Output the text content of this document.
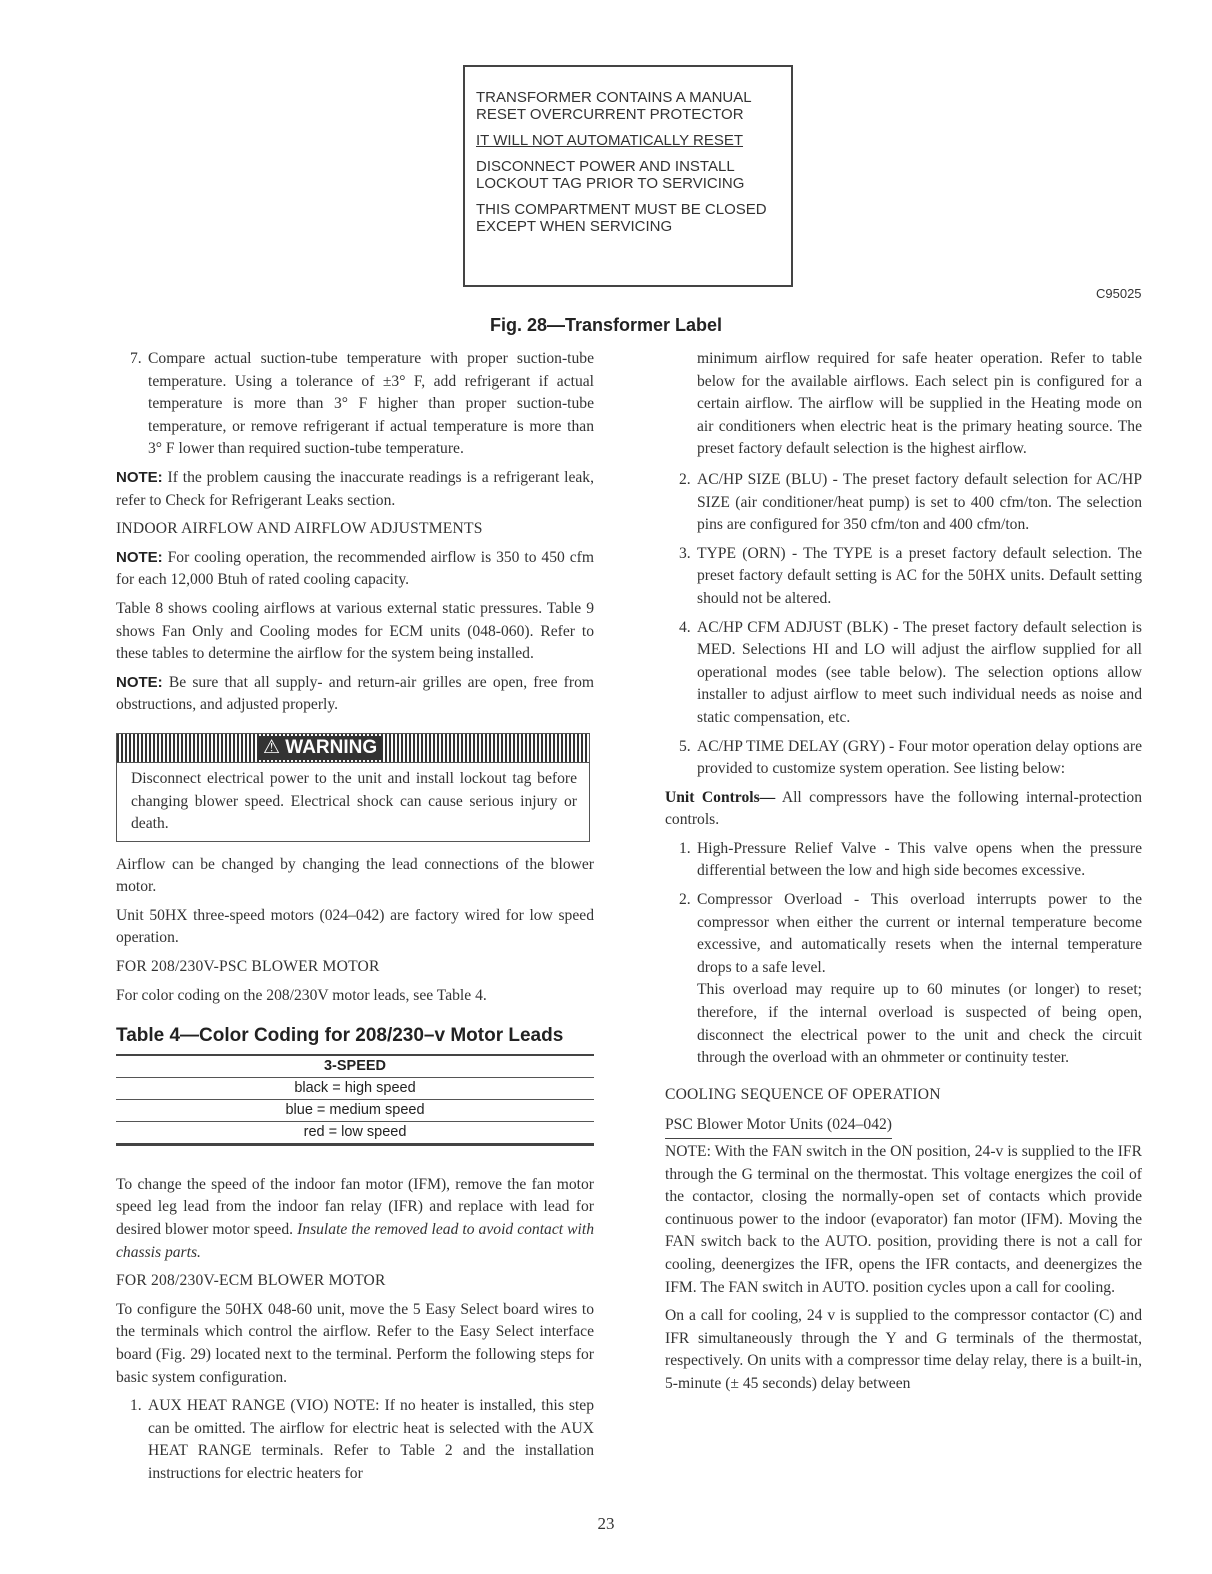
TRANSFORMER CONTAINS A MANUAL RESET OVERCURRENT PROTECTOR

IT WILL NOT AUTOMATICALLY RESET

DISCONNECT POWER AND INSTALL LOCKOUT TAG PRIOR TO SERVICING

THIS COMPARTMENT MUST BE CLOSED EXCEPT WHEN SERVICING

C95025
Fig. 28—Transformer Label
7. Compare actual suction-tube temperature with proper suction-tube temperature. Using a tolerance of ±3° F, add refrigerant if actual temperature is more than 3° F higher than proper suction-tube temperature, or remove refrigerant if actual temperature is more than 3° F lower than required suction-tube temperature.

NOTE: If the problem causing the inaccurate readings is a refrigerant leak, refer to Check for Refrigerant Leaks section.

INDOOR AIRFLOW AND AIRFLOW ADJUSTMENTS

NOTE: For cooling operation, the recommended airflow is 350 to 450 cfm for each 12,000 Btuh of rated cooling capacity.

Table 8 shows cooling airflows at various external static pressures. Table 9 shows Fan Only and Cooling modes for ECM units (048-060). Refer to these tables to determine the airflow for the system being installed.

NOTE: Be sure that all supply- and return-air grilles are open, free from obstructions, and adjusted properly.

⚠ WARNING
Disconnect electrical power to the unit and install lockout tag before changing blower speed. Electrical shock can cause serious injury or death.

Airflow can be changed by changing the lead connections of the blower motor.

Unit 50HX three-speed motors (024–042) are factory wired for low speed operation.

FOR 208/230V-PSC BLOWER MOTOR

For color coding on the 208/230V motor leads, see Table 4.

Table 4—Color Coding for 208/230–v Motor Leads
3-SPEED
black = high speed
blue = medium speed
red = low speed

To change the speed of the indoor fan motor (IFM), remove the fan motor speed leg lead from the indoor fan relay (IFR) and replace with lead for desired blower motor speed. Insulate the removed lead to avoid contact with chassis parts.

FOR 208/230V-ECM BLOWER MOTOR

To configure the 50HX 048-60 unit, move the 5 Easy Select board wires to the terminals which control the airflow. Refer to the Easy Select interface board (Fig. 29) located next to the terminal. Perform the following steps for basic system configuration.

1. AUX HEAT RANGE (VIO) NOTE: If no heater is installed, this step can be omitted. The airflow for electric heat is selected with the AUX HEAT RANGE terminals. Refer to Table 2 and the installation instructions for electric heaters for
minimum airflow required for safe heater operation. Refer to table below for the available airflows. Each select pin is configured for a certain airflow. The airflow will be supplied in the Heating mode on air conditioners when electric heat is the primary heating source. The preset factory default selection is the highest airflow.
2. AC/HP SIZE (BLU) - The preset factory default selection for AC/HP SIZE (air conditioner/heat pump) is set to 400 cfm/ton. The selection pins are configured for 350 cfm/ton and 400 cfm/ton.
3. TYPE (ORN) - The TYPE is a preset factory default selection. The preset factory default setting is AC for the 50HX units. Default setting should not be altered.
4. AC/HP CFM ADJUST (BLK) - The preset factory default selection is MED. Selections HI and LO will adjust the airflow supplied for all operational modes (see table below). The selection options allow installer to adjust airflow to meet such individual needs as noise and static compensation, etc.
5. AC/HP TIME DELAY (GRY) - Four motor operation delay options are provided to customize system operation. See listing below:

Unit Controls— All compressors have the following internal-protection controls.

1. High-Pressure Relief Valve - This valve opens when the pressure differential between the low and high side becomes excessive.
2. Compressor Overload - This overload interrupts power to the compressor when either the current or internal temperature become excessive, and automatically resets when the internal temperature drops to a safe level.
This overload may require up to 60 minutes (or longer) to reset; therefore, if the internal overload is suspected of being open, disconnect the electrical power to the unit and check the circuit through the overload with an ohmmeter or continuity tester.

COOLING SEQUENCE OF OPERATION

PSC Blower Motor Units (024–042)

NOTE: With the FAN switch in the ON position, 24-v is supplied to the IFR through the G terminal on the thermostat. This voltage energizes the coil of the contactor, closing the normally-open set of contacts which provide continuous power to the indoor (evaporator) fan motor (IFM). Moving the FAN switch back to the AUTO. position, providing there is not a call for cooling, deenergizes the IFR, opens the IFR contacts, and deenergizes the IFM. The FAN switch in AUTO. position cycles upon a call for cooling.

On a call for cooling, 24 v is supplied to the compressor contactor (C) and IFR simultaneously through the Y and G terminals of the thermostat, respectively. On units with a compressor time delay relay, there is a built-in, 5-minute (± 45 seconds) delay between

23
